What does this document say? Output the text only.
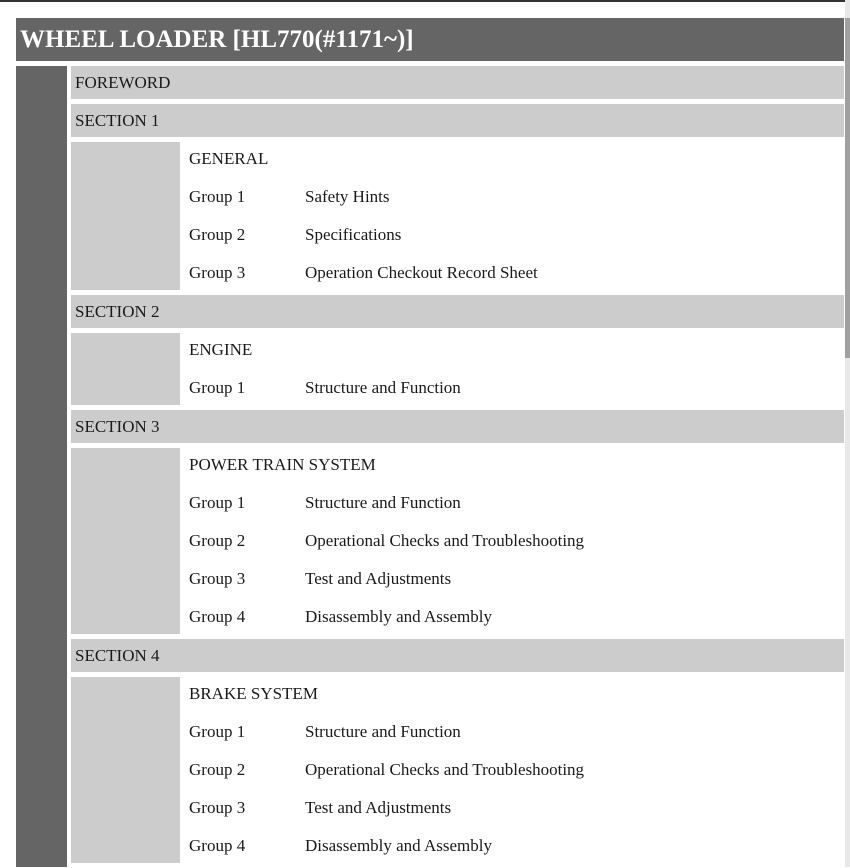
WHEEL LOADER [HL770(#1171~)]
FOREWORD
SECTION 1
GENERAL
Group 1	Safety Hints
Group 2	Specifications
Group 3	Operation Checkout Record Sheet
SECTION 2
ENGINE
Group 1	Structure and Function
SECTION 3
POWER TRAIN SYSTEM
Group 1	Structure and Function
Group 2	Operational Checks and Troubleshooting
Group 3	Test and Adjustments
Group 4	Disassembly and Assembly
SECTION 4
BRAKE SYSTEM
Group 1	Structure and Function
Group 2	Operational Checks and Troubleshooting
Group 3	Test and Adjustments
Group 4	Disassembly and Assembly
